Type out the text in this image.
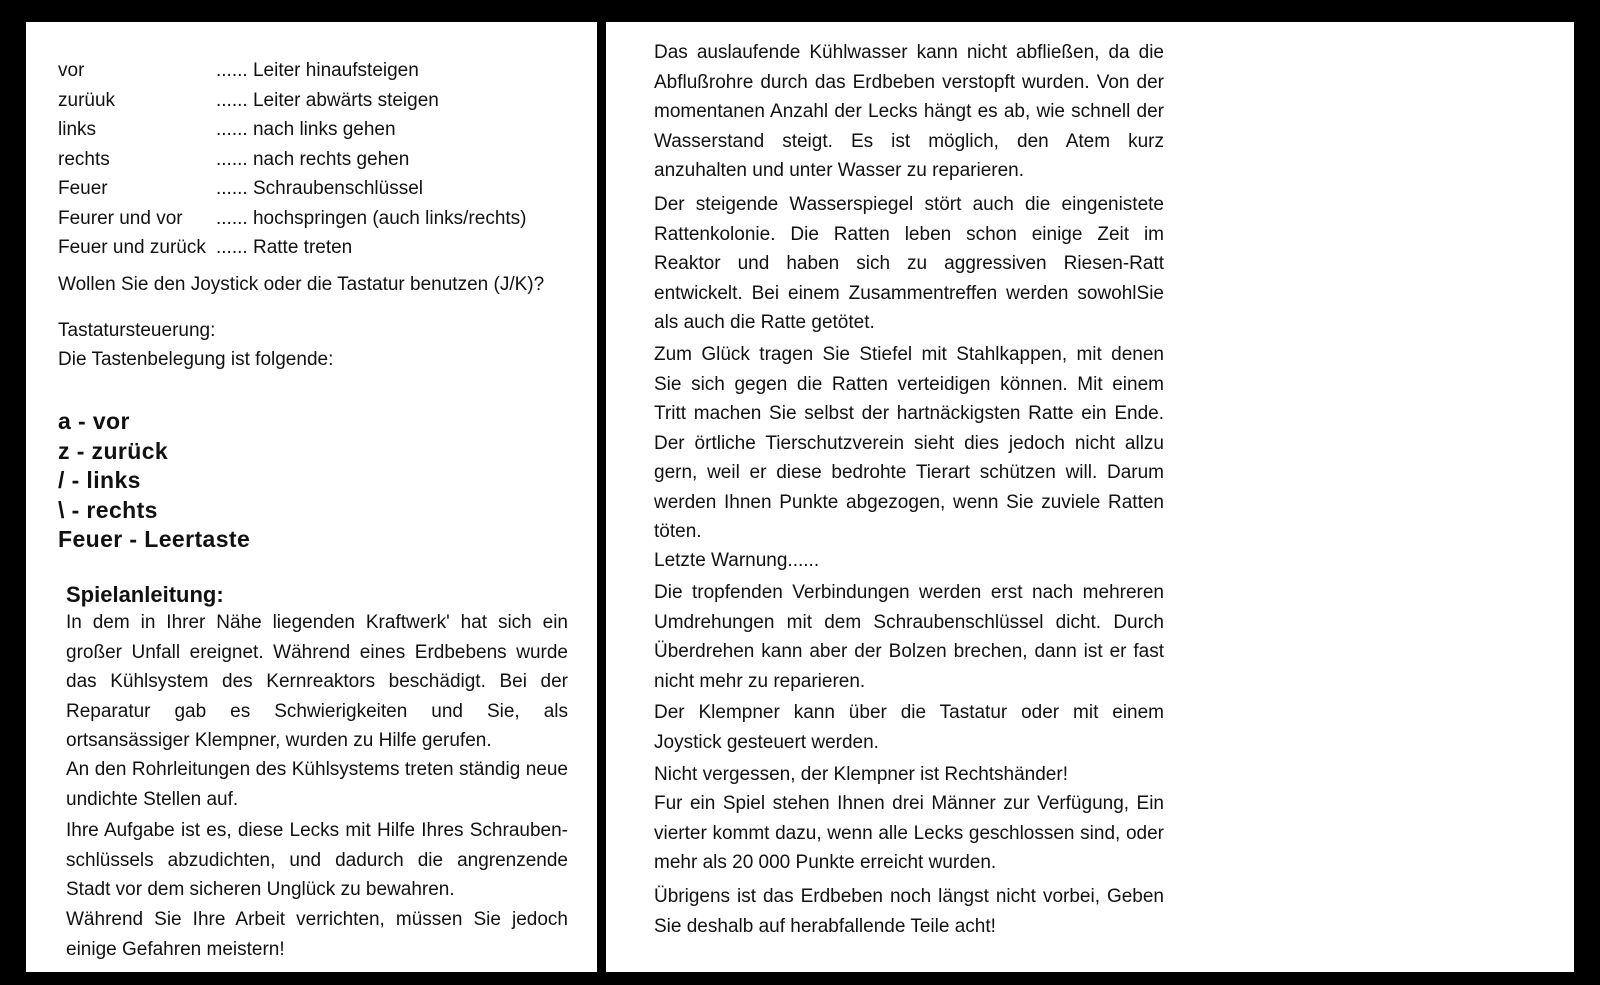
vor	...... Leiter hinaufsteigen
zurüuk	...... Leiter abwärts steigen
links	...... nach links gehen
rechts	...... nach rechts gehen
Feuer	...... Schraubenschlüssel
Feurer und vor ...... hochspringen (auch links/rechts)
Feuer und zurück ...... Ratte treten
Wollen Sie den Joystick oder die Tastatur benutzen (J/K)?
Tastatursteuerung:
Die Tastenbelegung ist folgende:
a - vor
z - zurück
/ - links
\ - rechts
Feuer - Leertaste
Spielanleitung:
In dem in Ihrer Nähe liegenden Kraftwerk' hat sich ein großer Unfall ereignet. Während eines Erdbebens wurde das Kühlsystem des Kernreaktors beschädigt. Bei der Reparatur gab es Schwierigkeiten und Sie, als ortsansässiger Klempner, wurden zu Hilfe gerufen.
An den Rohrleitungen des Kühlsystems treten ständig neue undichte Stellen auf.
Ihre Aufgabe ist es, diese Lecks mit Hilfe Ihres Schrauben-schlüssels abzudichten, und dadurch die angrenzende Stadt vor dem sicheren Unglück zu bewahren.
Während Sie Ihre Arbeit verrichten, müssen Sie jedoch einige Gefahren meistern!
Das auslaufende Kühlwasser kann nicht abfließen, da die Abflußrohre durch das Erdbeben verstopft wurden. Von der momentanen Anzahl der Lecks hängt es ab, wie schnell der Wasserstand steigt. Es ist möglich, den Atem kurz anzuhalten und unter Wasser zu reparieren.
Der steigende Wasserspiegel stört auch die eingenistete Rattenkolonie. Die Ratten leben schon einige Zeit im Reaktor und haben sich zu aggressiven Riesen-Ratt entwickelt. Bei einem Zusammentreffen werden sowohlSie als auch die Ratte getötet.
Zum Glück tragen Sie Stiefel mit Stahlkappen, mit denen Sie sich gegen die Ratten verteidigen können. Mit einem Tritt machen Sie selbst der hartnäckigsten Ratte ein Ende. Der örtliche Tierschutzverein sieht dies jedoch nicht allzu gern, weil er diese bedrohte Tierart schützen will. Darum werden Ihnen Punkte abgezogen, wenn Sie zuviele Ratten töten.
Letzte Warnung......
Die tropfenden Verbindungen werden erst nach mehreren Umdrehungen mit dem Schraubenschlüssel dicht. Durch Überdrehen kann aber der Bolzen brechen, dann ist er fast nicht mehr zu reparieren.
Der Klempner kann über die Tastatur oder mit einem Joystick gesteuert werden.
Nicht vergessen, der Klempner ist Rechtshänder!
Fur ein Spiel stehen Ihnen drei Männer zur Verfügung, Ein vierter kommt dazu, wenn alle Lecks geschlossen sind, oder mehr als 20 000 Punkte erreicht wurden.
Übrigens ist das Erdbeben noch längst nicht vorbei, Geben Sie deshalb auf herabfallende Teile acht!
